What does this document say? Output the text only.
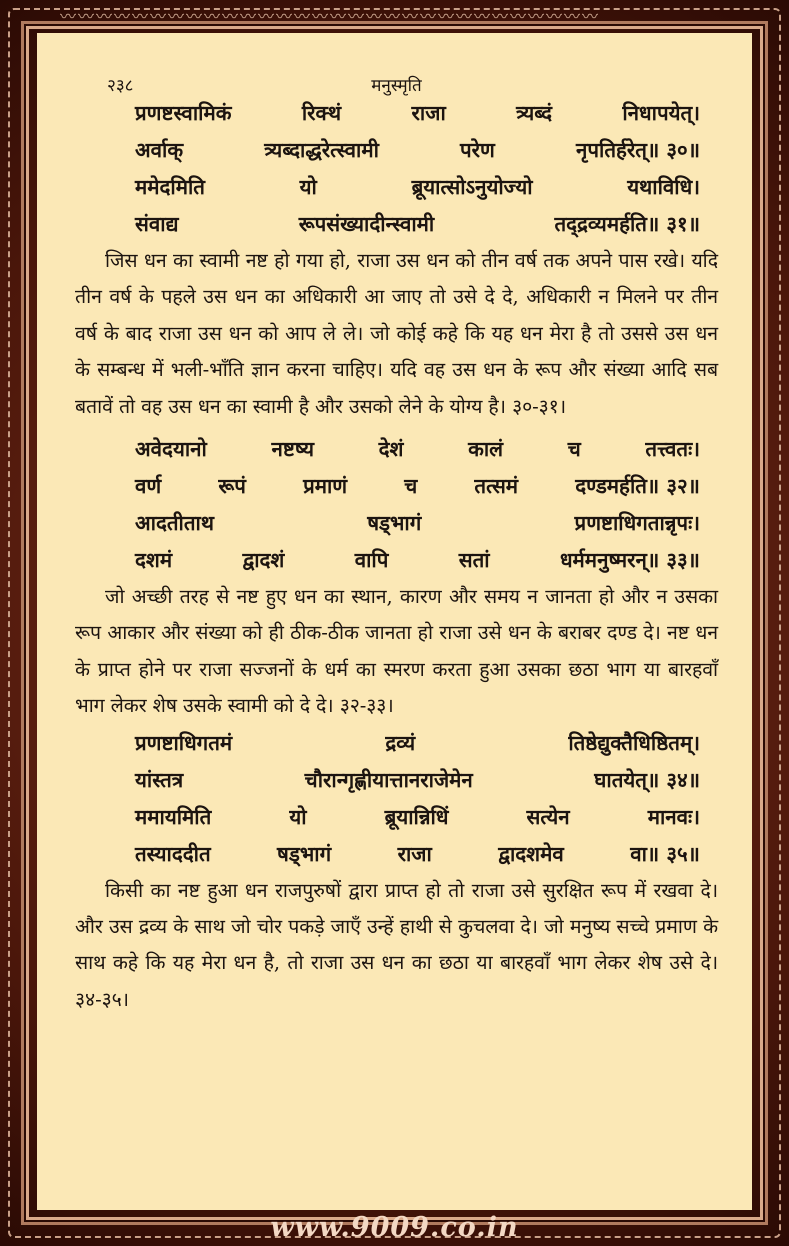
〰〰〰〰〰〰〰〰〰〰〰〰〰〰〰〰〰〰〰〰〰〰〰〰〰〰〰〰〰〰
२३८	मनुस्मृति
प्रणष्टस्वामिकं	रिक्थं	राजा	त्र्यब्दं	निधापयेत्।
अर्वाक्	त्र्यब्दाद्धरेत्स्वामी	परेण	नृपतिर्हरेत्॥ ३०॥
ममेदमिति	यो	ब्रूयात्सोऽनुयोज्यो	यथाविधि।
संवाद्य	रूपसंख्यादीन्स्वामी	तद्द्रव्यमर्हति॥ ३१॥

जिस धन का स्वामी नष्ट हो गया हो, राजा उस धन को तीन वर्ष तक अपने पास रखे। यदि तीन वर्ष के पहले उस धन का अधिकारी आ जाए तो उसे दे दे, अधिकारी न मिलने पर तीन वर्ष के बाद राजा उस धन को आप ले ले। जो कोई कहे कि यह धन मेरा है तो उससे उस धन के सम्बन्ध में भली-भाँति ज्ञान करना चाहिए। यदि वह उस धन के रूप और संख्या आदि सब बतावें तो वह उस धन का स्वामी है और उसको लेने के योग्य है। ३०-३१।

अवेदयानो	नष्टष्य	देशं	कालं	च	तत्त्वतः।
वर्ण	रूपं	प्रमाणं	च	तत्समं	दण्डमर्हति॥ ३२॥
आदतीताथ	षड्भागं	प्रणष्टाधिगतान्नृपः।
दशमं	द्वादशं	वापि	सतां	धर्ममनुष्मरन्॥ ३३॥

जो अच्छी तरह से नष्ट हुए धन का स्थान, कारण और समय न जानता हो और न उसका रूप आकार और संख्या को ही ठीक-ठीक जानता हो राजा उसे धन के बराबर दण्ड दे। नष्ट धन के प्राप्त होने पर राजा सज्जनों के धर्म का स्मरण करता हुआ उसका छठा भाग या बारहवाँ भाग लेकर शेष उसके स्वामी को दे दे। ३२-३३।

प्रणष्टाधिगतमं	द्रव्यं	तिष्ठेद्युक्तैधिष्ठितम्।
यांस्तत्र	चौरान्गृह्णीयात्तानराजेमेन	घातयेत्॥ ३४॥
ममायमिति	यो	ब्रूयान्निधिं	सत्येन	मानवः।
तस्याददीत	षड्भागं	राजा	द्वादशमेव	वा॥ ३५॥

किसी का नष्ट हुआ धन राजपुरुषों द्वारा प्राप्त हो तो राजा उसे सुरक्षित रूप में रखवा दे। और उस द्रव्य के साथ जो चोर पकड़े जाएँ उन्हें हाथी से कुचलवा दे। जो मनुष्य सच्चे प्रमाण के साथ कहे कि यह मेरा धन है, तो राजा उस धन का छठा या बारहवाँ भाग लेकर शेष उसे दे। ३४-३५।

www.9009.co.in
